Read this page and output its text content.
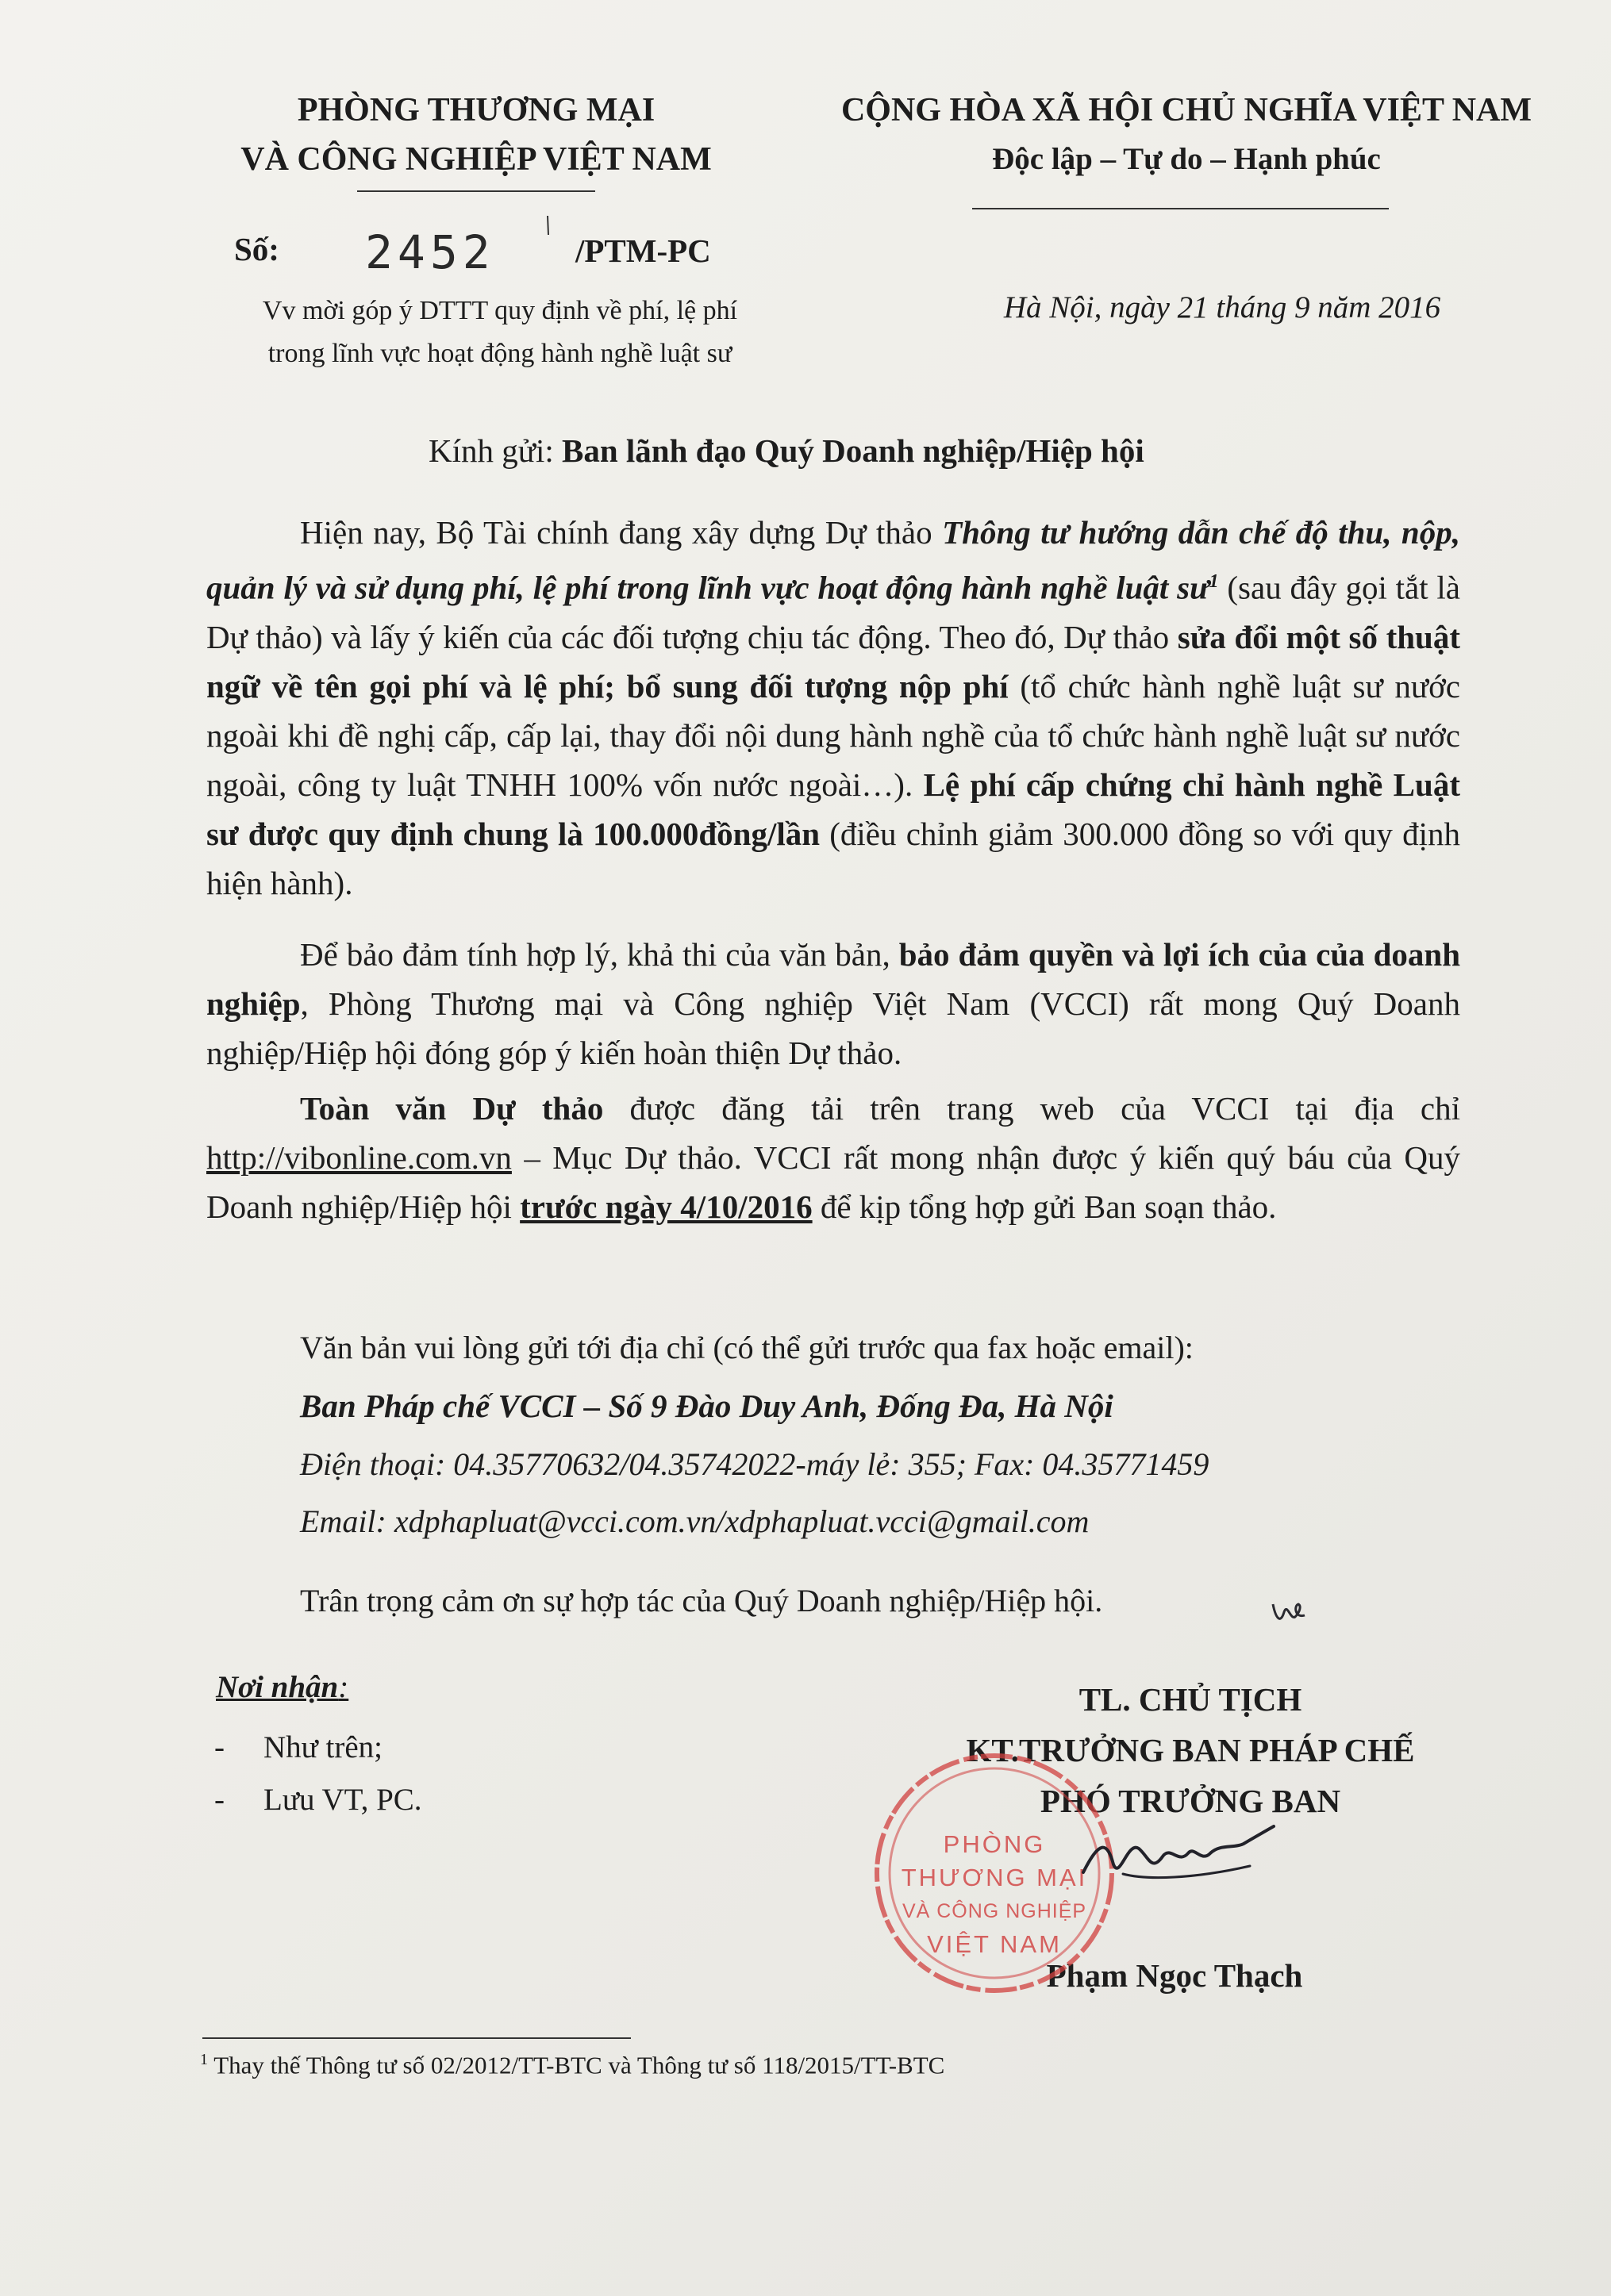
PHÒNG THƯƠNG MẠI
VÀ CÔNG NGHIỆP VIỆT NAM
CỘNG HÒA XÃ HỘI CHỦ NGHĨA VIỆT NAM
Độc lập – Tự do – Hạnh phúc
Số: 2452 /PTM-PC
Vv mời góp ý DTTT quy định về phí, lệ phí
trong lĩnh vực hoạt động hành nghề luật sư
Hà Nội, ngày 21 tháng 9 năm 2016
Kính gửi: Ban lãnh đạo Quý Doanh nghiệp/Hiệp hội

Hiện nay, Bộ Tài chính đang xây dựng Dự thảo Thông tư hướng dẫn chế độ thu, nộp, quản lý và sử dụng phí, lệ phí trong lĩnh vực hoạt động hành nghề luật $sư^1$ (sau đây gọi tắt là Dự thảo) và lấy ý kiến của các đối tượng chịu tác động. Theo đó, Dự thảo sửa đổi một số thuật ngữ về tên gọi phí và lệ phí; bổ sung đối tượng nộp phí (tổ chức hành nghề luật sư nước ngoài khi đề nghị cấp, cấp lại, thay đổi nội dung hành nghề của tổ chức hành nghề luật sư nước ngoài, công ty luật TNHH 100% vốn nước ngoài…). Lệ phí cấp chứng chỉ hành nghề Luật sư được quy định chung là 100.000đồng/lần (điều chỉnh giảm 300.000 đồng so với quy định hiện hành).

Để bảo đảm tính hợp lý, khả thi của văn bản, bảo đảm quyền và lợi ích của của doanh nghiệp, Phòng Thương mại và Công nghiệp Việt Nam (VCCI) rất mong Quý Doanh nghiệp/Hiệp hội đóng góp ý kiến hoàn thiện Dự thảo.

Toàn văn Dự thảo được đăng tải trên trang web của VCCI tại địa chỉ http://vibonline.com.vn – Mục Dự thảo. VCCI rất mong nhận được ý kiến quý báu của Quý Doanh nghiệp/Hiệp hội trước ngày 4/10/2016 để kịp tổng hợp gửi Ban soạn thảo.

Văn bản vui lòng gửi tới địa chỉ (có thể gửi trước qua fax hoặc email):
Ban Pháp chế VCCI – Số 9 Đào Duy Anh, Đống Đa, Hà Nội
Điện thoại: 04.35770632/04.35742022-máy lẻ: 355; Fax: 04.35771459
Email: xdphapluat@vcci.com.vn/xdphapluat.vcci@gmail.com
Trân trọng cảm ơn sự hợp tác của Quý Doanh nghiệp/Hiệp hội.
Nơi nhận:
- Như trên;
- Lưu VT, PC.
TL. CHỦ TỊCH
KT.TRƯỞNG BAN PHÁP CHẾ
PHÓ TRƯỞNG BAN
Phạm Ngọc Thạch
PHÒNG
THƯƠNG MẠI
VÀ CÔNG NGHIỆP
VIỆT NAM
$^1$ Thay thế Thông tư số 02/2012/TT-BTC và Thông tư số 118/2015/TT-BTC
